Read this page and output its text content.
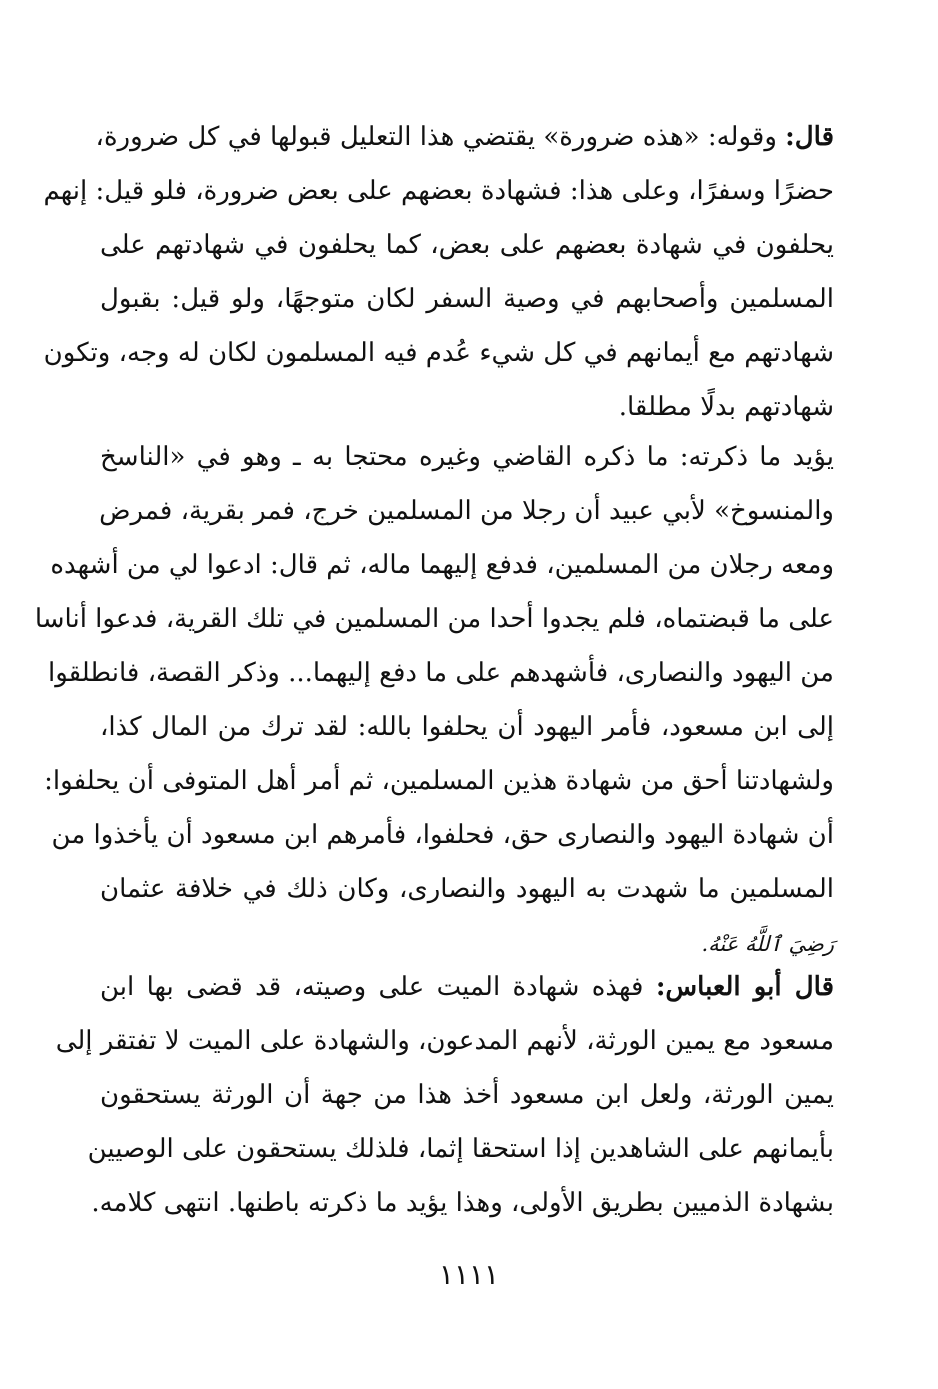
قال: وقوله: «هذه ضرورة» يقتضي هذا التعليل قبولها في كل ضرورة،
حضرًا وسفرًا، وعلى هذا: فشهادة بعضهم على بعض ضرورة، فلو قيل: إنهم
يحلفون في شهادة بعضهم على بعض، كما يحلفون في شهادتهم على
المسلمين وأصحابهم في وصية السفر لكان متوجهًا، ولو قيل: بقبول
شهادتهم مع أيمانهم في كل شيء عُدم فيه المسلمون لكان له وجه، وتكون
شهادتهم بدلًا مطلقا.
يؤيد ما ذكرته: ما ذكره القاضي وغيره محتجا به ـ وهو في «الناسخ
والمنسوخ» لأبي عبيد أن رجلا من المسلمين خرج، فمر بقرية، فمرض
ومعه رجلان من المسلمين، فدفع إليهما ماله، ثم قال: ادعوا لي من أشهده
على ما قبضتماه، فلم يجدوا أحدا من المسلمين في تلك القرية، فدعوا أناسا
من اليهود والنصارى، فأشهدهم على ما دفع إليهما... وذكر القصة، فانطلقوا
إلى ابن مسعود، فأمر اليهود أن يحلفوا بالله: لقد ترك من المال كذا،
ولشهادتنا أحق من شهادة هذين المسلمين، ثم أمر أهل المتوفى أن يحلفوا:
أن شهادة اليهود والنصارى حق، فحلفوا، فأمرهم ابن مسعود أن يأخذوا من
المسلمين ما شهدت به اليهود والنصارى، وكان ذلك في خلافة عثمان
رَضِيَ ٱللَّهُ عَنْهُ.
قال أبو العباس: فهذه شهادة الميت على وصيته، قد قضى بها ابن
مسعود مع يمين الورثة، لأنهم المدعون، والشهادة على الميت لا تفتقر إلى
يمين الورثة، ولعل ابن مسعود أخذ هذا من جهة أن الورثة يستحقون
بأيمانهم على الشاهدين إذا استحقا إثما، فلذلك يستحقون على الوصيين
بشهادة الذميين بطريق الأولى، وهذا يؤيد ما ذكرته باطنها. انتهى كلامه.
١١١١
